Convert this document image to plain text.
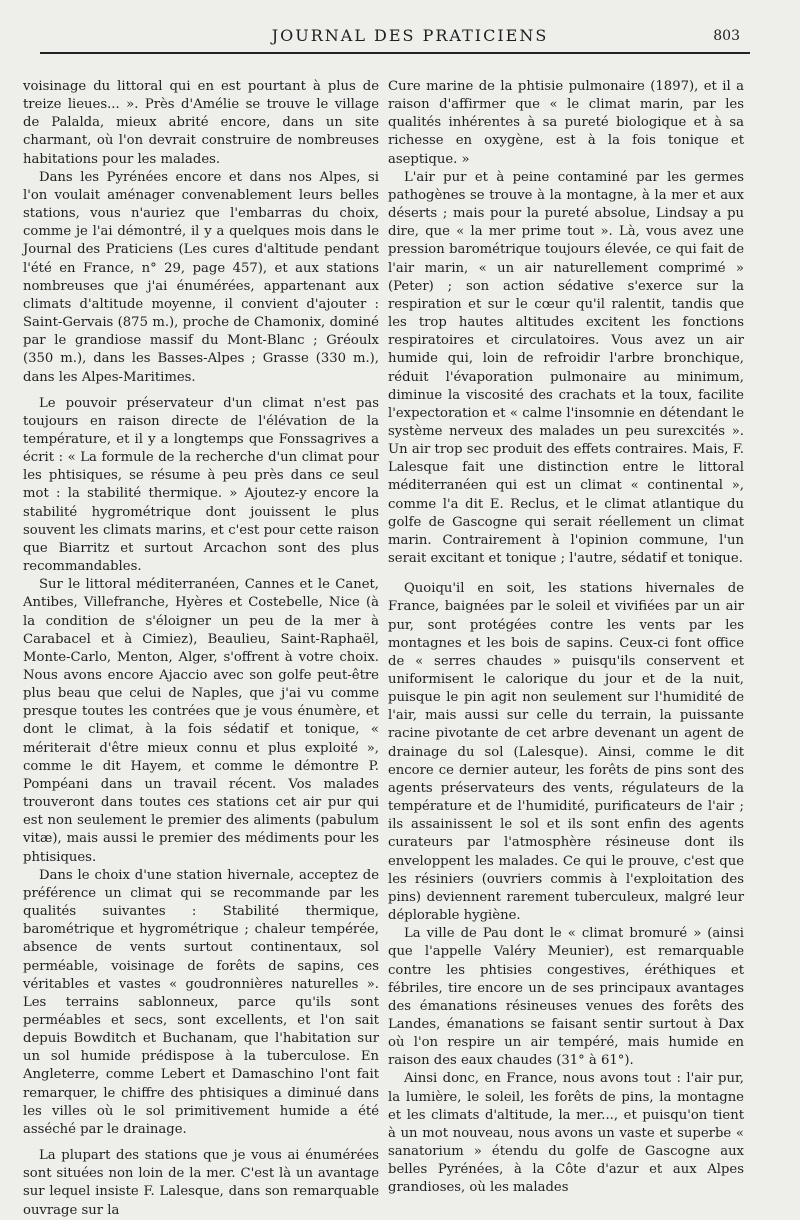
JOURNAL DES PRATICIENS	803

voisinage du littoral qui en est pourtant à plus de treize lieues... ». Près d'Amélie se trouve le village de Palalda, mieux abrité encore, dans un site charmant, où l'on devrait construire de nombreuses habitations pour les malades.

Dans les Pyrénées encore et dans nos Alpes, si l'on voulait aménager convenablement leurs belles stations, vous n'auriez que l'embarras du choix, comme je l'ai démontré, il y a quelques mois dans le Journal des Praticiens (Les cures d'altitude pendant l'été en France, n° 29, page 457), et aux stations nombreuses que j'ai énumérées, appartenant aux climats d'altitude moyenne, il convient d'ajouter : Saint-Gervais (875 m.), proche de Chamonix, dominé par le grandiose massif du Mont-Blanc ; Gréoulx (350 m.), dans les Basses-Alpes ; Grasse (330 m.), dans les Alpes-Maritimes.

Le pouvoir préservateur d'un climat n'est pas toujours en raison directe de l'élévation de la température, et il y a longtemps que Fonssagrives a écrit : « La formule de la recherche d'un climat pour les phtisiques, se résume à peu près dans ce seul mot : la stabilité thermique. » Ajoutez-y encore la stabilité hygrométrique dont jouissent le plus souvent les climats marins, et c'est pour cette raison que Biarritz et surtout Arcachon sont des plus recommandables.

Sur le littoral méditerranéen, Cannes et le Canet, Antibes, Villefranche, Hyères et Costebelle, Nice (à la condition de s'éloigner un peu de la mer à Carabacel et à Cimiez), Beaulieu, Saint-Raphaël, Monte-Carlo, Menton, Alger, s'offrent à votre choix. Nous avons encore Ajaccio avec son golfe peut-être plus beau que celui de Naples, que j'ai vu comme presque toutes les contrées que je vous énumère, et dont le climat, à la fois sédatif et tonique, « mériterait d'être mieux connu et plus exploité », comme le dit Hayem, et comme le démontre P. Pompéani dans un travail récent. Vos malades trouveront dans toutes ces stations cet air pur qui est non seulement le premier des aliments (pabulum vitæ), mais aussi le premier des médiments pour les phtisiques.

Dans le choix d'une station hivernale, acceptez de préférence un climat qui se recommande par les qualités suivantes : Stabilité thermique, barométrique et hygrométrique ; chaleur tempérée, absence de vents surtout continentaux, sol perméable, voisinage de forêts de sapins, ces véritables et vastes « goudronnières naturelles ». Les terrains sablonneux, parce qu'ils sont perméables et secs, sont excellents, et l'on sait depuis Bowditch et Buchanam, que l'habitation sur un sol humide prédispose à la tuberculose. En Angleterre, comme Lebert et Damaschino l'ont fait remarquer, le chiffre des phtisiques a diminué dans les villes où le sol primitivement humide a été asséché par le drainage.

La plupart des stations que je vous ai énumérées sont situées non loin de la mer. C'est là un avantage sur lequel insiste F. Lalesque, dans son remarquable ouvrage sur la

Cure marine de la phtisie pulmonaire (1897), et il a raison d'affirmer que « le climat marin, par les qualités inhérentes à sa pureté biologique et à sa richesse en oxygène, est à la fois tonique et aseptique. »

L'air pur et à peine contaminé par les germes pathogènes se trouve à la montagne, à la mer et aux déserts ; mais pour la pureté absolue, Lindsay a pu dire, que « la mer prime tout ». Là, vous avez une pression barométrique toujours élevée, ce qui fait de l'air marin, « un air naturellement comprimé » (Peter) ; son action sédative s'exerce sur la respiration et sur le cœur qu'il ralentit, tandis que les trop hautes altitudes excitent les fonctions respiratoires et circulatoires. Vous avez un air humide qui, loin de refroidir l'arbre bronchique, réduit l'évaporation pulmonaire au minimum, diminue la viscosité des crachats et la toux, facilite l'expectoration et « calme l'insomnie en détendant le système nerveux des malades un peu surexcités ». Un air trop sec produit des effets contraires. Mais, F. Lalesque fait une distinction entre le littoral méditerranéen qui est un climat « continental », comme l'a dit E. Reclus, et le climat atlantique du golfe de Gascogne qui serait réellement un climat marin. Contrairement à l'opinion commune, l'un serait excitant et tonique ; l'autre, sédatif et tonique.

Quoiqu'il en soit, les stations hivernales de France, baignées par le soleil et vivifiées par un air pur, sont protégées contre les vents par les montagnes et les bois de sapins. Ceux-ci font office de « serres chaudes » puisqu'ils conservent et uniformisent le calorique du jour et de la nuit, puisque le pin agit non seulement sur l'humidité de l'air, mais aussi sur celle du terrain, la puissante racine pivotante de cet arbre devenant un agent de drainage du sol (Lalesque). Ainsi, comme le dit encore ce dernier auteur, les forêts de pins sont des agents préservateurs des vents, régulateurs de la température et de l'humidité, purificateurs de l'air ; ils assainissent le sol et ils sont enfin des agents curateurs par l'atmosphère résineuse dont ils enveloppent les malades. Ce qui le prouve, c'est que les résiniers (ouvriers commis à l'exploitation des pins) deviennent rarement tuberculeux, malgré leur déplorable hygiène.

La ville de Pau dont le « climat bromuré » (ainsi que l'appelle Valéry Meunier), est remarquable contre les phtisies congestives, éréthiques et fébriles, tire encore un de ses principaux avantages des émanations résineuses venues des forêts des Landes, émanations se faisant sentir surtout à Dax où l'on respire un air tempéré, mais humide en raison des eaux chaudes (31° à 61°).

Ainsi donc, en France, nous avons tout : l'air pur, la lumière, le soleil, les forêts de pins, la montagne et les climats d'altitude, la mer..., et puisqu'on tient à un mot nouveau, nous avons un vaste et superbe « sanatorium » étendu du golfe de Gascogne aux belles Pyrénées, à la Côte d'azur et aux Alpes grandioses, où les malades
